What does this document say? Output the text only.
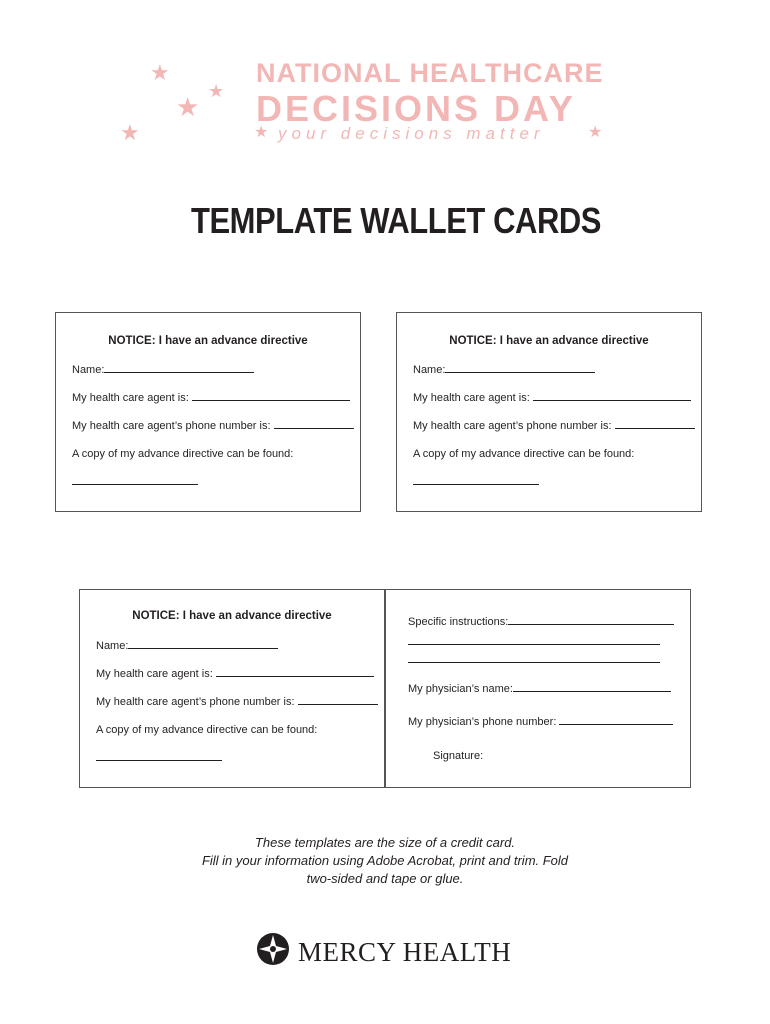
★
★
★
★
NATIONAL HEALTHCARE
DECISIONS DAY
★ your decisions matter	★
TEMPLATE WALLET CARDS
NOTICE: I have an advance directive
Name:
My health care agent is:
My health care agent’s phone number is:
A copy of my advance directive can be found:
NOTICE: I have an advance directive
Name:
My health care agent is:
My health care agent’s phone number is:
A copy of my advance directive can be found:
NOTICE: I have an advance directive
Name:
My health care agent is:
My health care agent’s phone number is:
A copy of my advance directive can be found:
Specific instructions:
My physician’s name:
My physician’s phone number:
Signature:
These templates are the size of a credit card.
Fill in your information using Adobe Acrobat, print and trim. Fold
two-sided and tape or glue.
MERCY HEALTH
